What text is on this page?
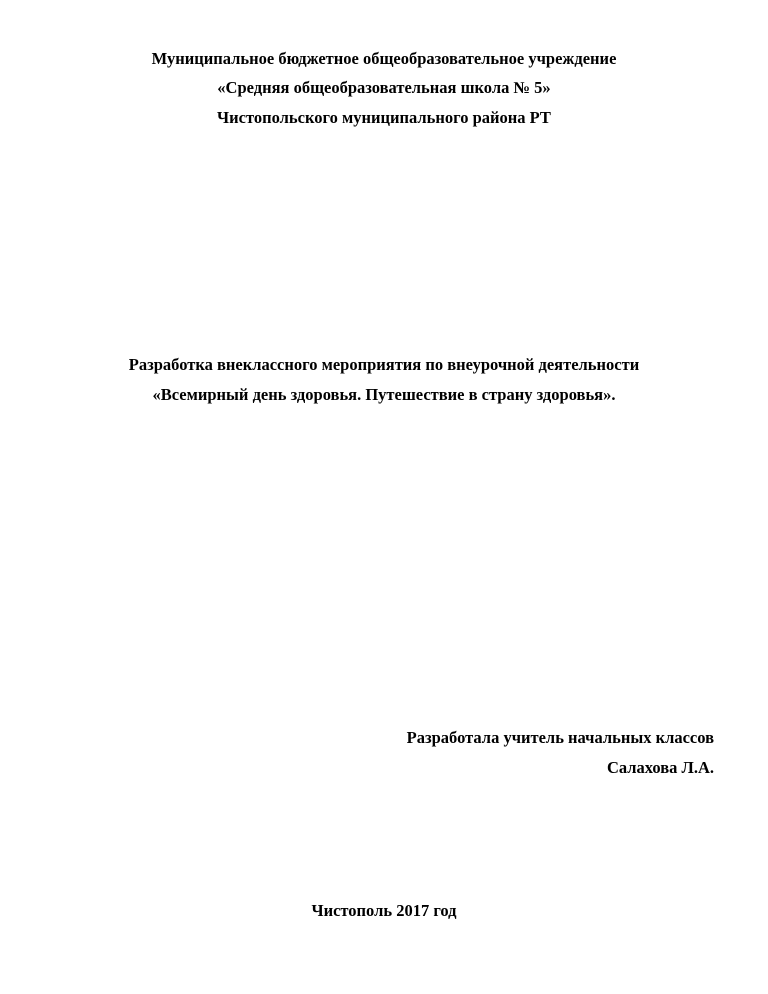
Муниципальное бюджетное общеобразовательное учреждение
«Средняя общеобразовательная школа № 5»
Чистопольского муниципального района РТ
Разработка внеклассного мероприятия по внеурочной деятельности
«Всемирный день здоровья. Путешествие в страну здоровья».
Разработала учитель начальных классов
Салахова Л.А.
Чистополь 2017 год
